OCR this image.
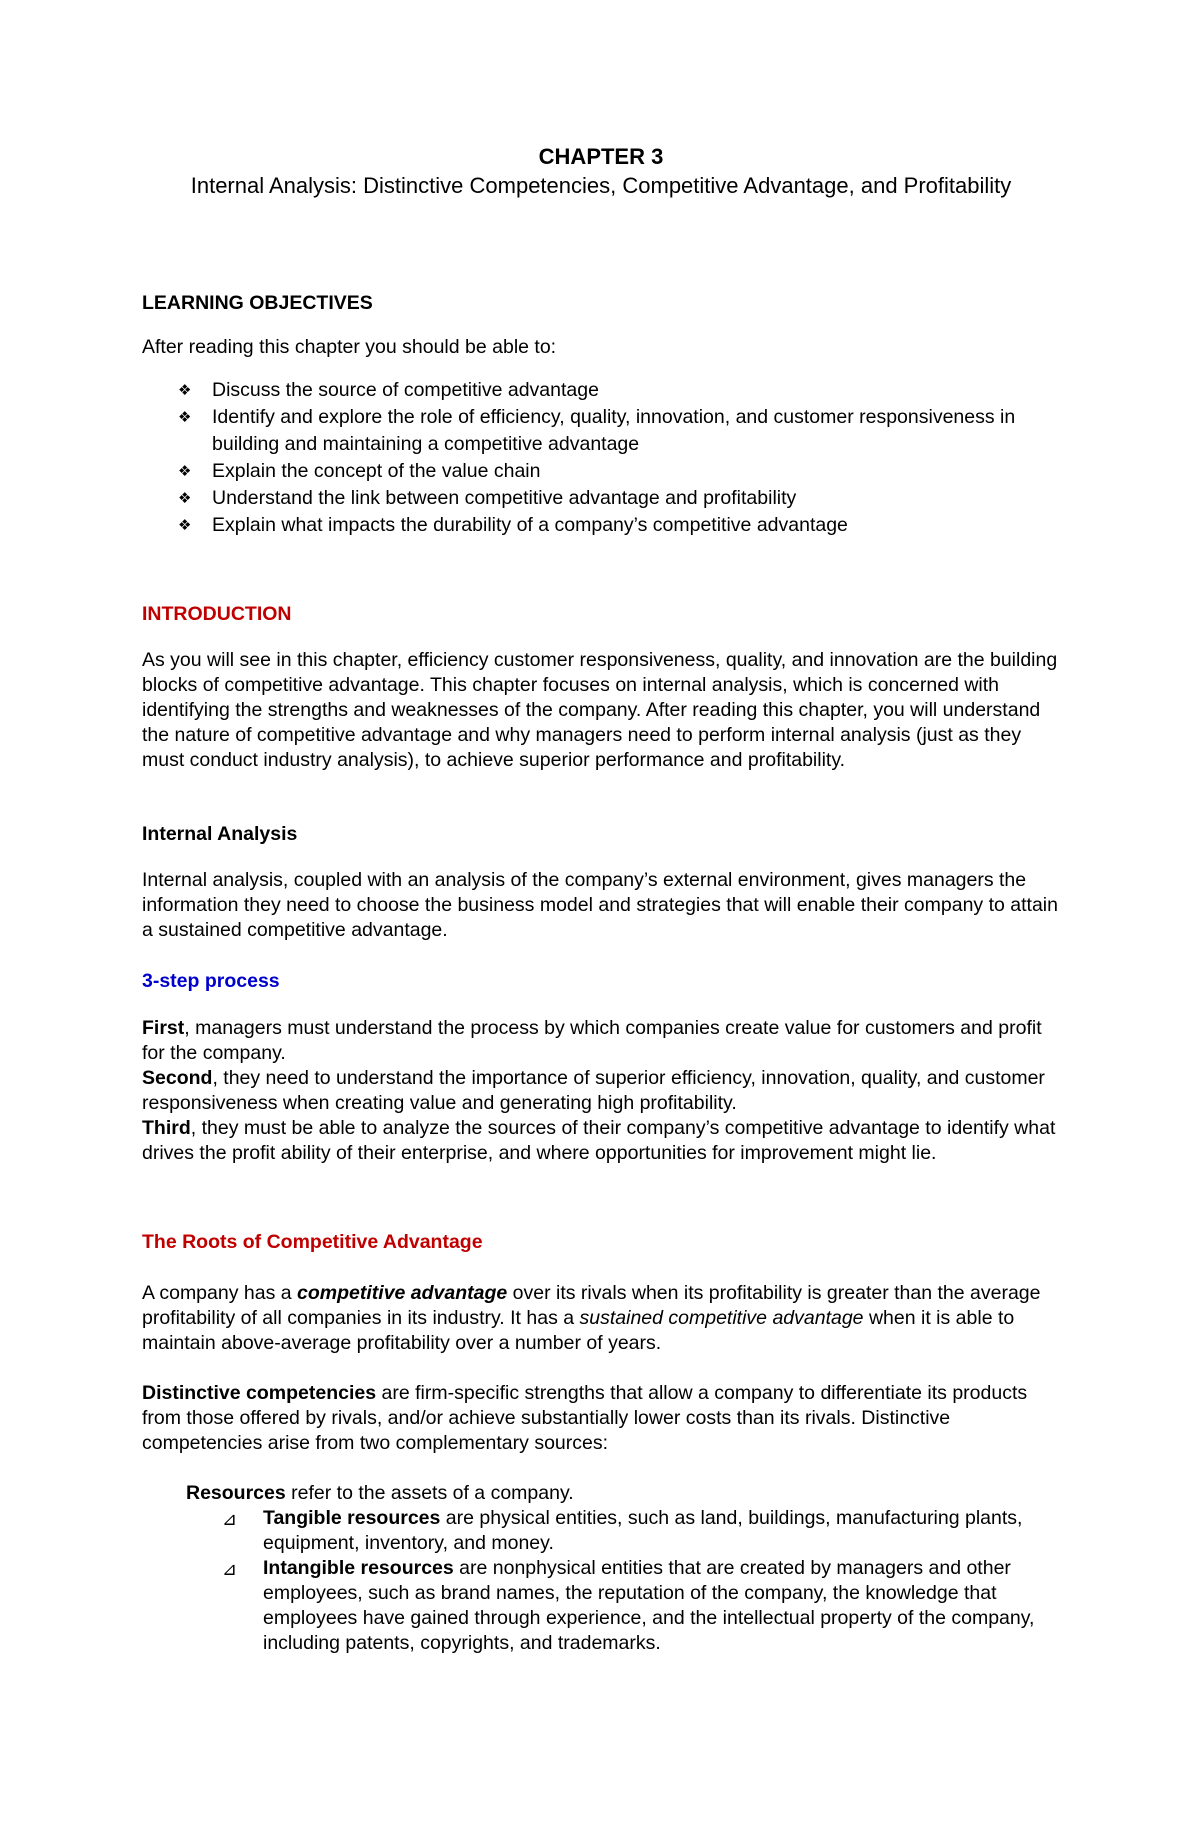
CHAPTER 3
Internal Analysis: Distinctive Competencies, Competitive Advantage, and Profitability
LEARNING OBJECTIVES

After reading this chapter you should be able to:

❖ Discuss the source of competitive advantage
❖ Identify and explore the role of efficiency, quality, innovation, and customer responsiveness in building and maintaining a competitive advantage
❖ Explain the concept of the value chain
❖ Understand the link between competitive advantage and profitability
❖ Explain what impacts the durability of a company’s competitive advantage
INTRODUCTION

As you will see in this chapter, efficiency customer responsiveness, quality, and innovation are the building blocks of competitive advantage. This chapter focuses on internal analysis, which is concerned with identifying the strengths and weaknesses of the company. After reading this chapter, you will understand the nature of competitive advantage and why managers need to perform internal analysis (just as they must conduct industry analysis), to achieve superior performance and profitability.

Internal Analysis

Internal analysis, coupled with an analysis of the company’s external environment, gives managers the information they need to choose the business model and strategies that will enable their company to attain a sustained competitive advantage.

3-step process

First, managers must understand the process by which companies create value for customers and profit for the company.

Second, they need to understand the importance of superior efficiency, innovation, quality, and customer responsiveness when creating value and generating high profitability.

Third, they must be able to analyze the sources of their company’s competitive advantage to identify what drives the profit ability of their enterprise, and where opportunities for improvement might lie.

The Roots of Competitive Advantage

A company has a competitive advantage over its rivals when its profitability is greater than the average profitability of all companies in its industry. It has a sustained competitive advantage when it is able to maintain above-average profitability over a number of years.

Distinctive competencies are firm-specific strengths that allow a company to differentiate its products from those offered by rivals, and/or achieve substantially lower costs than its rivals. Distinctive competencies arise from two complementary sources:

Resources refer to the assets of a company.

⊿ Tangible resources are physical entities, such as land, buildings, manufacturing plants, equipment, inventory, and money.
⊿ Intangible resources are nonphysical entities that are created by managers and other employees, such as brand names, the reputation of the company, the knowledge that employees have gained through experience, and the intellectual property of the company, including patents, copyrights, and trademarks.
